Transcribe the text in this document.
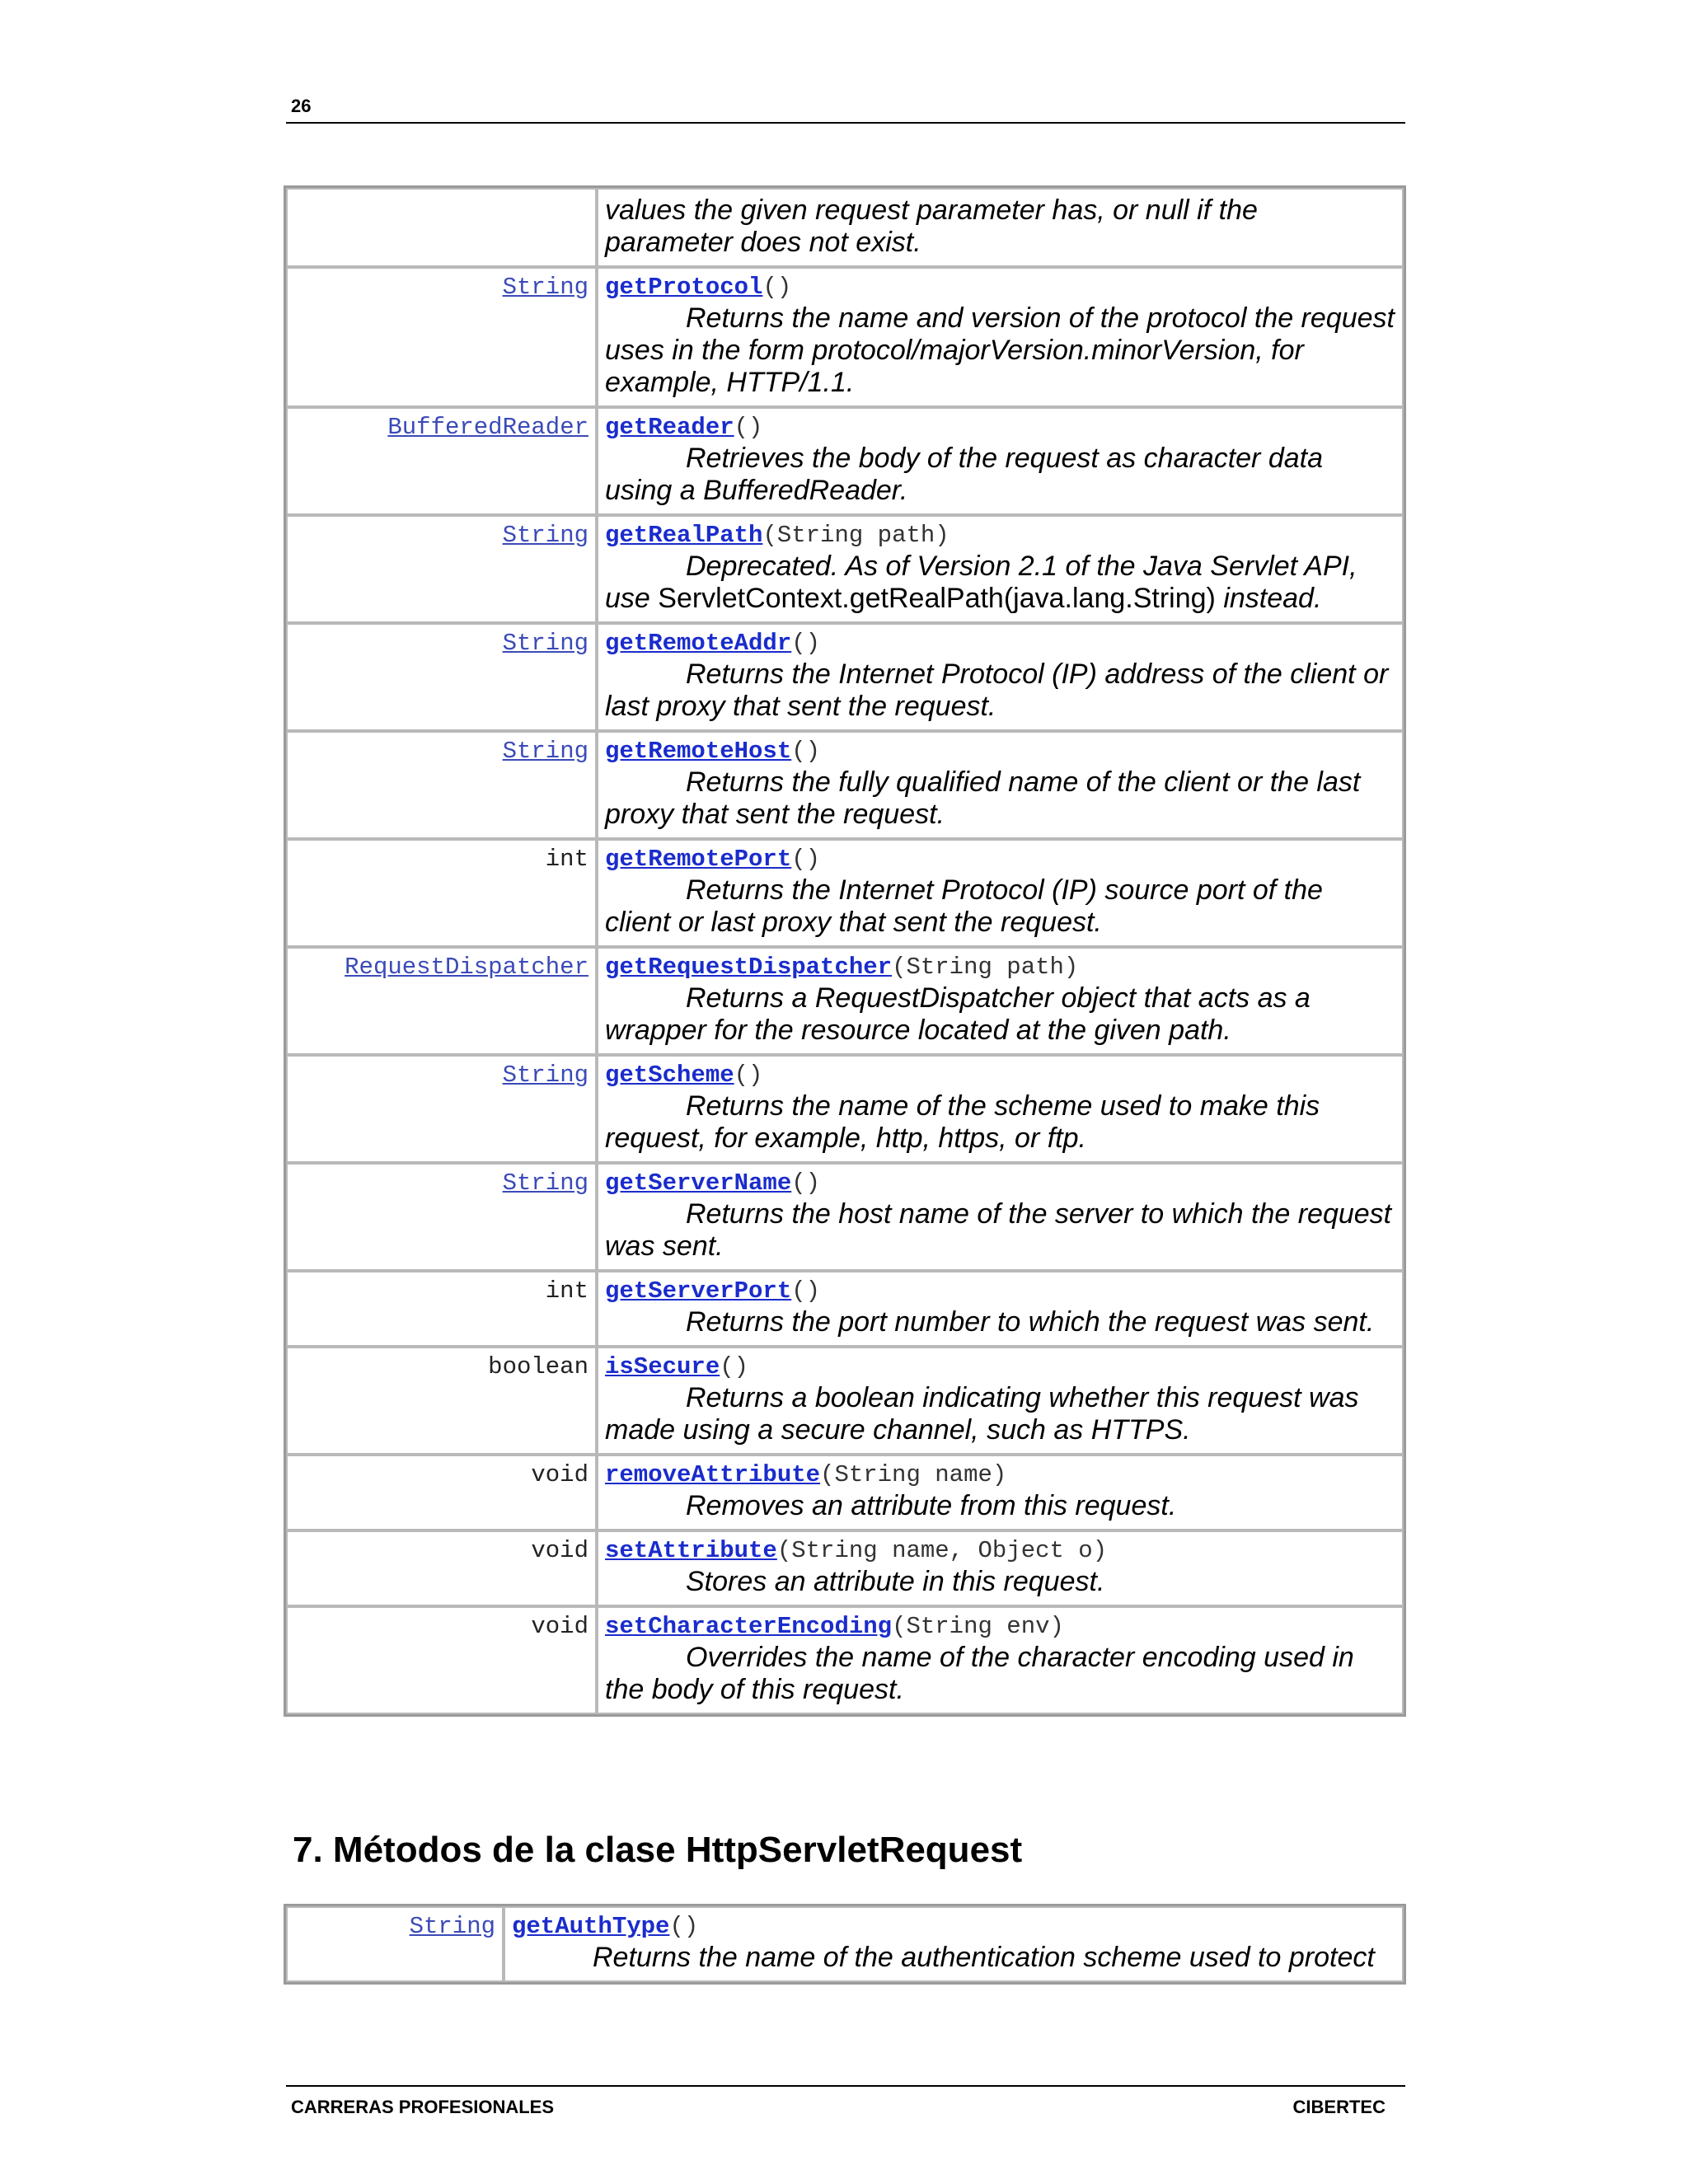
26

	values the given request parameter has, or null if the

parameter does not exist.

String	getProtocol()

Returns the name and version of the protocol the request uses in the form protocol/majorVersion.minorVersion, for example, HTTP/1.1.

BufferedReader	getReader()

Retrieves the body of the request as character data using a BufferedReader.

String	getRealPath(String path)

Deprecated. As of Version 2.1 of the Java Servlet API, use ServletContext.getRealPath(java.lang.String) instead.

String	getRemoteAddr()

Returns the Internet Protocol (IP) address of the client or last proxy that sent the request.

String	getRemoteHost()

Returns the fully qualified name of the client or the last proxy that sent the request.

int	getRemotePort()

Returns the Internet Protocol (IP) source port of the client or last proxy that sent the request.

RequestDispatcher	getRequestDispatcher(String path)

Returns a RequestDispatcher object that acts as a wrapper for the resource located at the given path.

String	getScheme()

Returns the name of the scheme used to make this request, for example, http, https, or ftp.

String	getServerName()

Returns the host name of the server to which the request was sent.

int	getServerPort()

Returns the port number to which the request was sent.

boolean	isSecure()

Returns a boolean indicating whether this request was made using a secure channel, such as HTTPS.

void	removeAttribute(String name)

Removes an attribute from this request.

void	setAttribute(String name, Object o)

Stores an attribute in this request.

void	setCharacterEncoding(String env)

Overrides the name of the character encoding used in the body of this request.

7. Métodos de la clase HttpServletRequest
String	getAuthType()

Returns the name of the authentication scheme used to protect

CARRERAS PROFESIONALES	CIBERTEC
